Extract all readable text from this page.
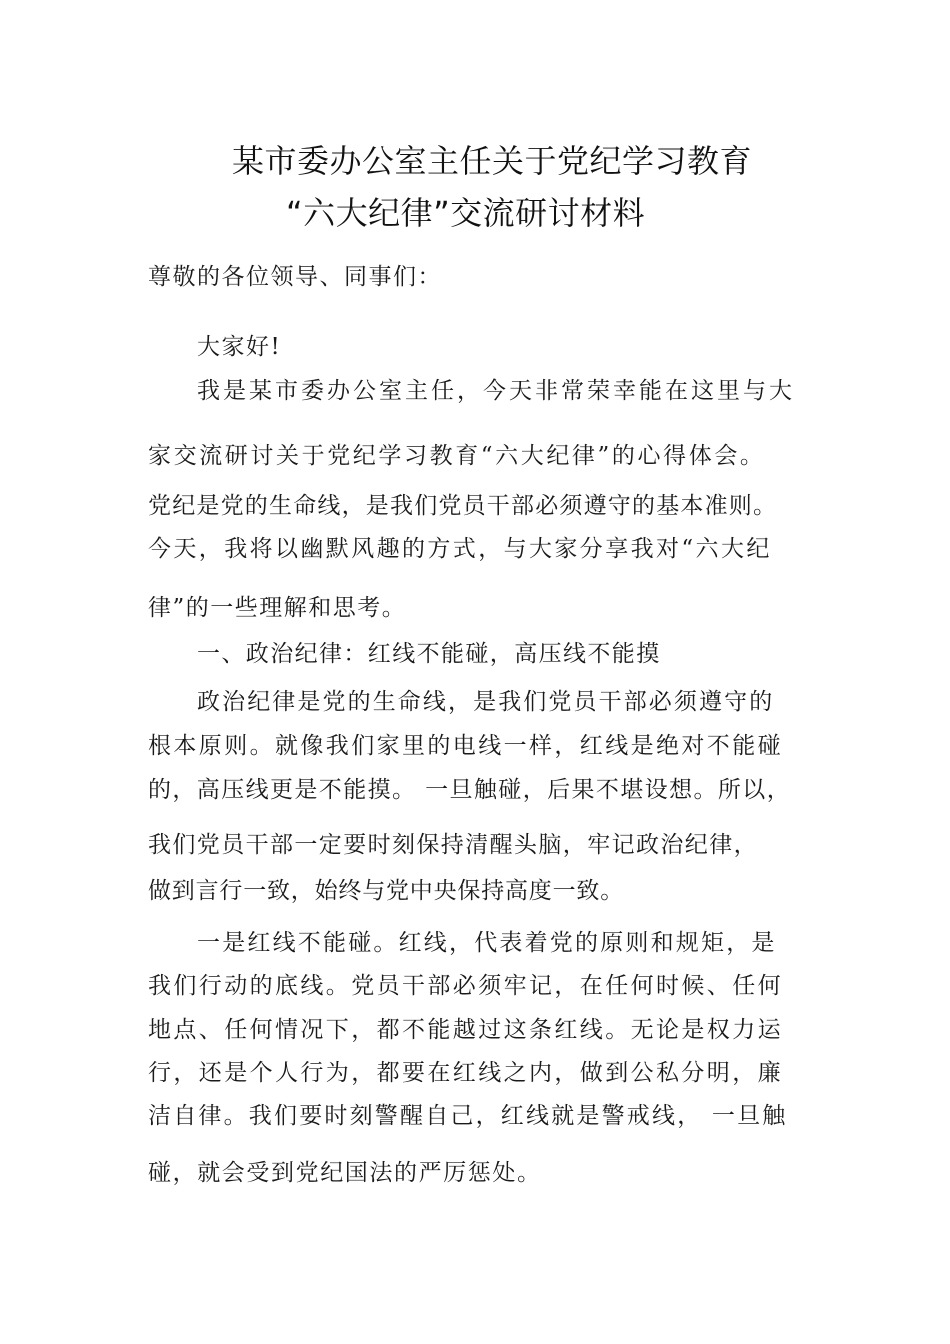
某市委办公室主任关于党纪学习教育
“六大纪律”交流研讨材料
尊敬的各位领导、同事们：
大家好!
我是某市委办公室主任，今天非常荣幸能在这里与大
家交流研讨关于党纪学习教育“六大纪律”的心得体会。
党纪是党的生命线，是我们党员干部必须遵守的基本准则。
今天，我将以幽默风趣的方式，与大家分享我对“六大纪
律”的一些理解和思考。
一、政治纪律：红线不能碰，高压线不能摸
政治纪律是党的生命线，是我们党员干部必须遵守的
根本原则。就像我们家里的电线一样，红线是绝对不能碰
的，高压线更是不能摸。 一旦触碰，后果不堪设想。所以，
我们党员干部一定要时刻保持清醒头脑，牢记政治纪律，
做到言行一致，始终与党中央保持高度一致。
一是红线不能碰。红线，代表着党的原则和规矩，是
我们行动的底线。党员干部必须牢记，在任何时候、任何
地点、任何情况下，都不能越过这条红线。无论是权力运
行，还是个人行为，都要在红线之内，做到公私分明，廉
洁自律。我们要时刻警醒自己，红线就是警戒线， 一旦触
碰，就会受到党纪国法的严厉惩处。
